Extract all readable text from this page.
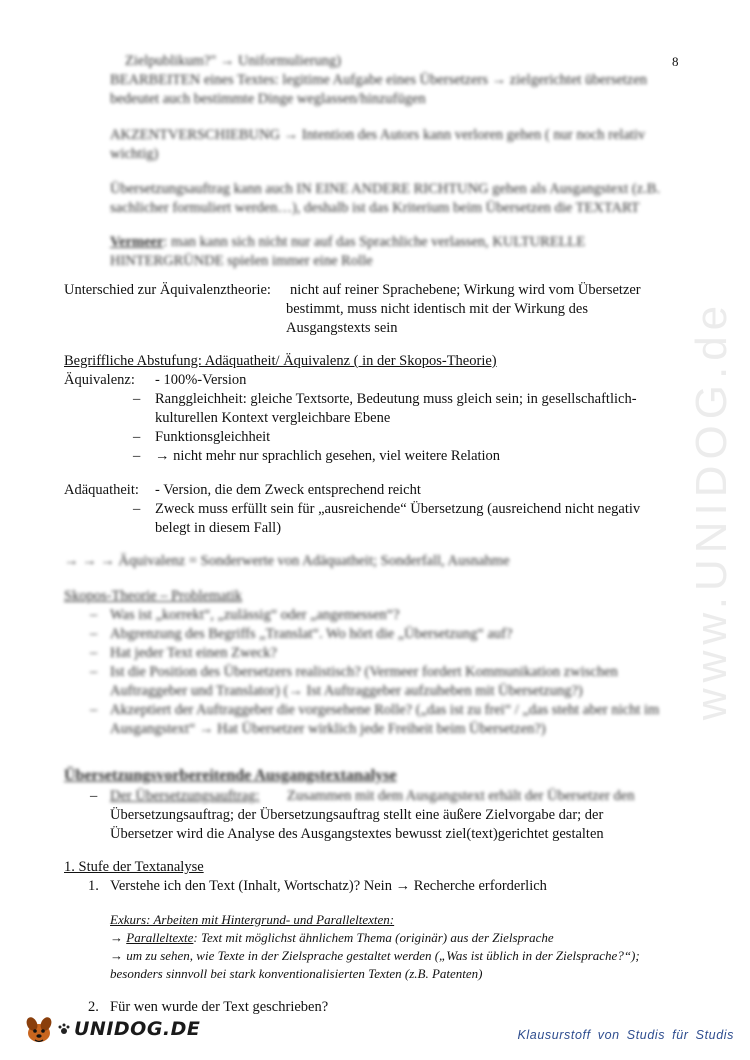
www.UNIDOG.de
8
Zielpublikum?" → Uniformulierung)
BEARBEITEN eines Textes: legitime Aufgabe eines Übersetzers → zielgerichtet übersetzen
bedeutet auch bestimmte Dinge weglassen/hinzufügen
AKZENTVERSCHIEBUNG → Intention des Autors kann verloren gehen ( nur noch relativ
wichtig)
Übersetzungsauftrag kann auch IN EINE ANDERE RICHTUNG gehen als Ausgangstext (z.B.
sachlicher formuliert werden…), deshalb ist das Kriterium beim Übersetzen die TEXTART
Vermeer: man kann sich nicht nur auf das Sprachliche verlassen, KULTURELLE
HINTERGRÜNDE spielen immer eine Rolle
Unterschied zur Äquivalenztheorie: nicht auf reiner Sprachebene; Wirkung wird vom Übersetzer
bestimmt, muss nicht identisch mit der Wirkung des
Ausgangstexts sein
Begriffliche Abstufung: Adäquatheit/ Äquivalenz ( in der Skopos-Theorie)
Äquivalenz: - 100%-Version
– Ranggleichheit: gleiche Textsorte, Bedeutung muss gleich sein; in gesellschaftlich-
kulturellen Kontext vergleichbare Ebene
– Funktionsgleichheit
– → nicht mehr nur sprachlich gesehen, viel weitere Relation
Adäquatheit: - Version, die dem Zweck entsprechend reicht
– Zweck muss erfüllt sein für „ausreichende“ Übersetzung (ausreichend nicht negativ
belegt in diesem Fall)
→ → → Äquivalenz = Sonderwerte von Adäquatheit; Sonderfall, Ausnahme
Skopos-Theorie – Problematik
– Was ist „korrekt“, „zulässig“ oder „angemessen“?
– Abgrenzung des Begriffs „Translat“. Wo hört die „Übersetzung“ auf?
– Hat jeder Text einen Zweck?
– Ist die Position des Übersetzers realistisch? (Vermeer fordert Kommunikation zwischen
Auftraggeber und Translator) (→ Ist Auftraggeber aufzuheben mit Übersetzung?)
– Akzeptiert der Auftraggeber die vorgesehene Rolle? („das ist zu frei“ / „das steht aber nicht im
Ausgangstext“ → Hat Übersetzer wirklich jede Freiheit beim Übersetzen?)
Übersetzungsvorbereitende Ausgangstextanalyse
– Der Übersetzungsauftrag: Zusammen mit dem Ausgangstext erhält der Übersetzer den
Übersetzungsauftrag; der Übersetzungsauftrag stellt eine äußere Zielvorgabe dar; der
Übersetzer wird die Analyse des Ausgangstextes bewusst ziel(text)gerichtet gestalten
1. Stufe der Textanalyse
1. Verstehe ich den Text (Inhalt, Wortschatz)? Nein → Recherche erforderlich
Exkurs: Arbeiten mit Hintergrund- und Paralleltexten:
→ Paralleltexte: Text mit möglichst ähnlichem Thema (originär) aus der Zielsprache
→ um zu sehen, wie Texte in der Zielsprache gestaltet werden („Was ist üblich in der Zielsprache?“);
besonders sinnvoll bei stark konventionalisierten Texten (z.B. Patenten)
2. Für wen wurde der Text geschrieben?
UNIDOG.DE	Klausurstoff von Studis für Studis
